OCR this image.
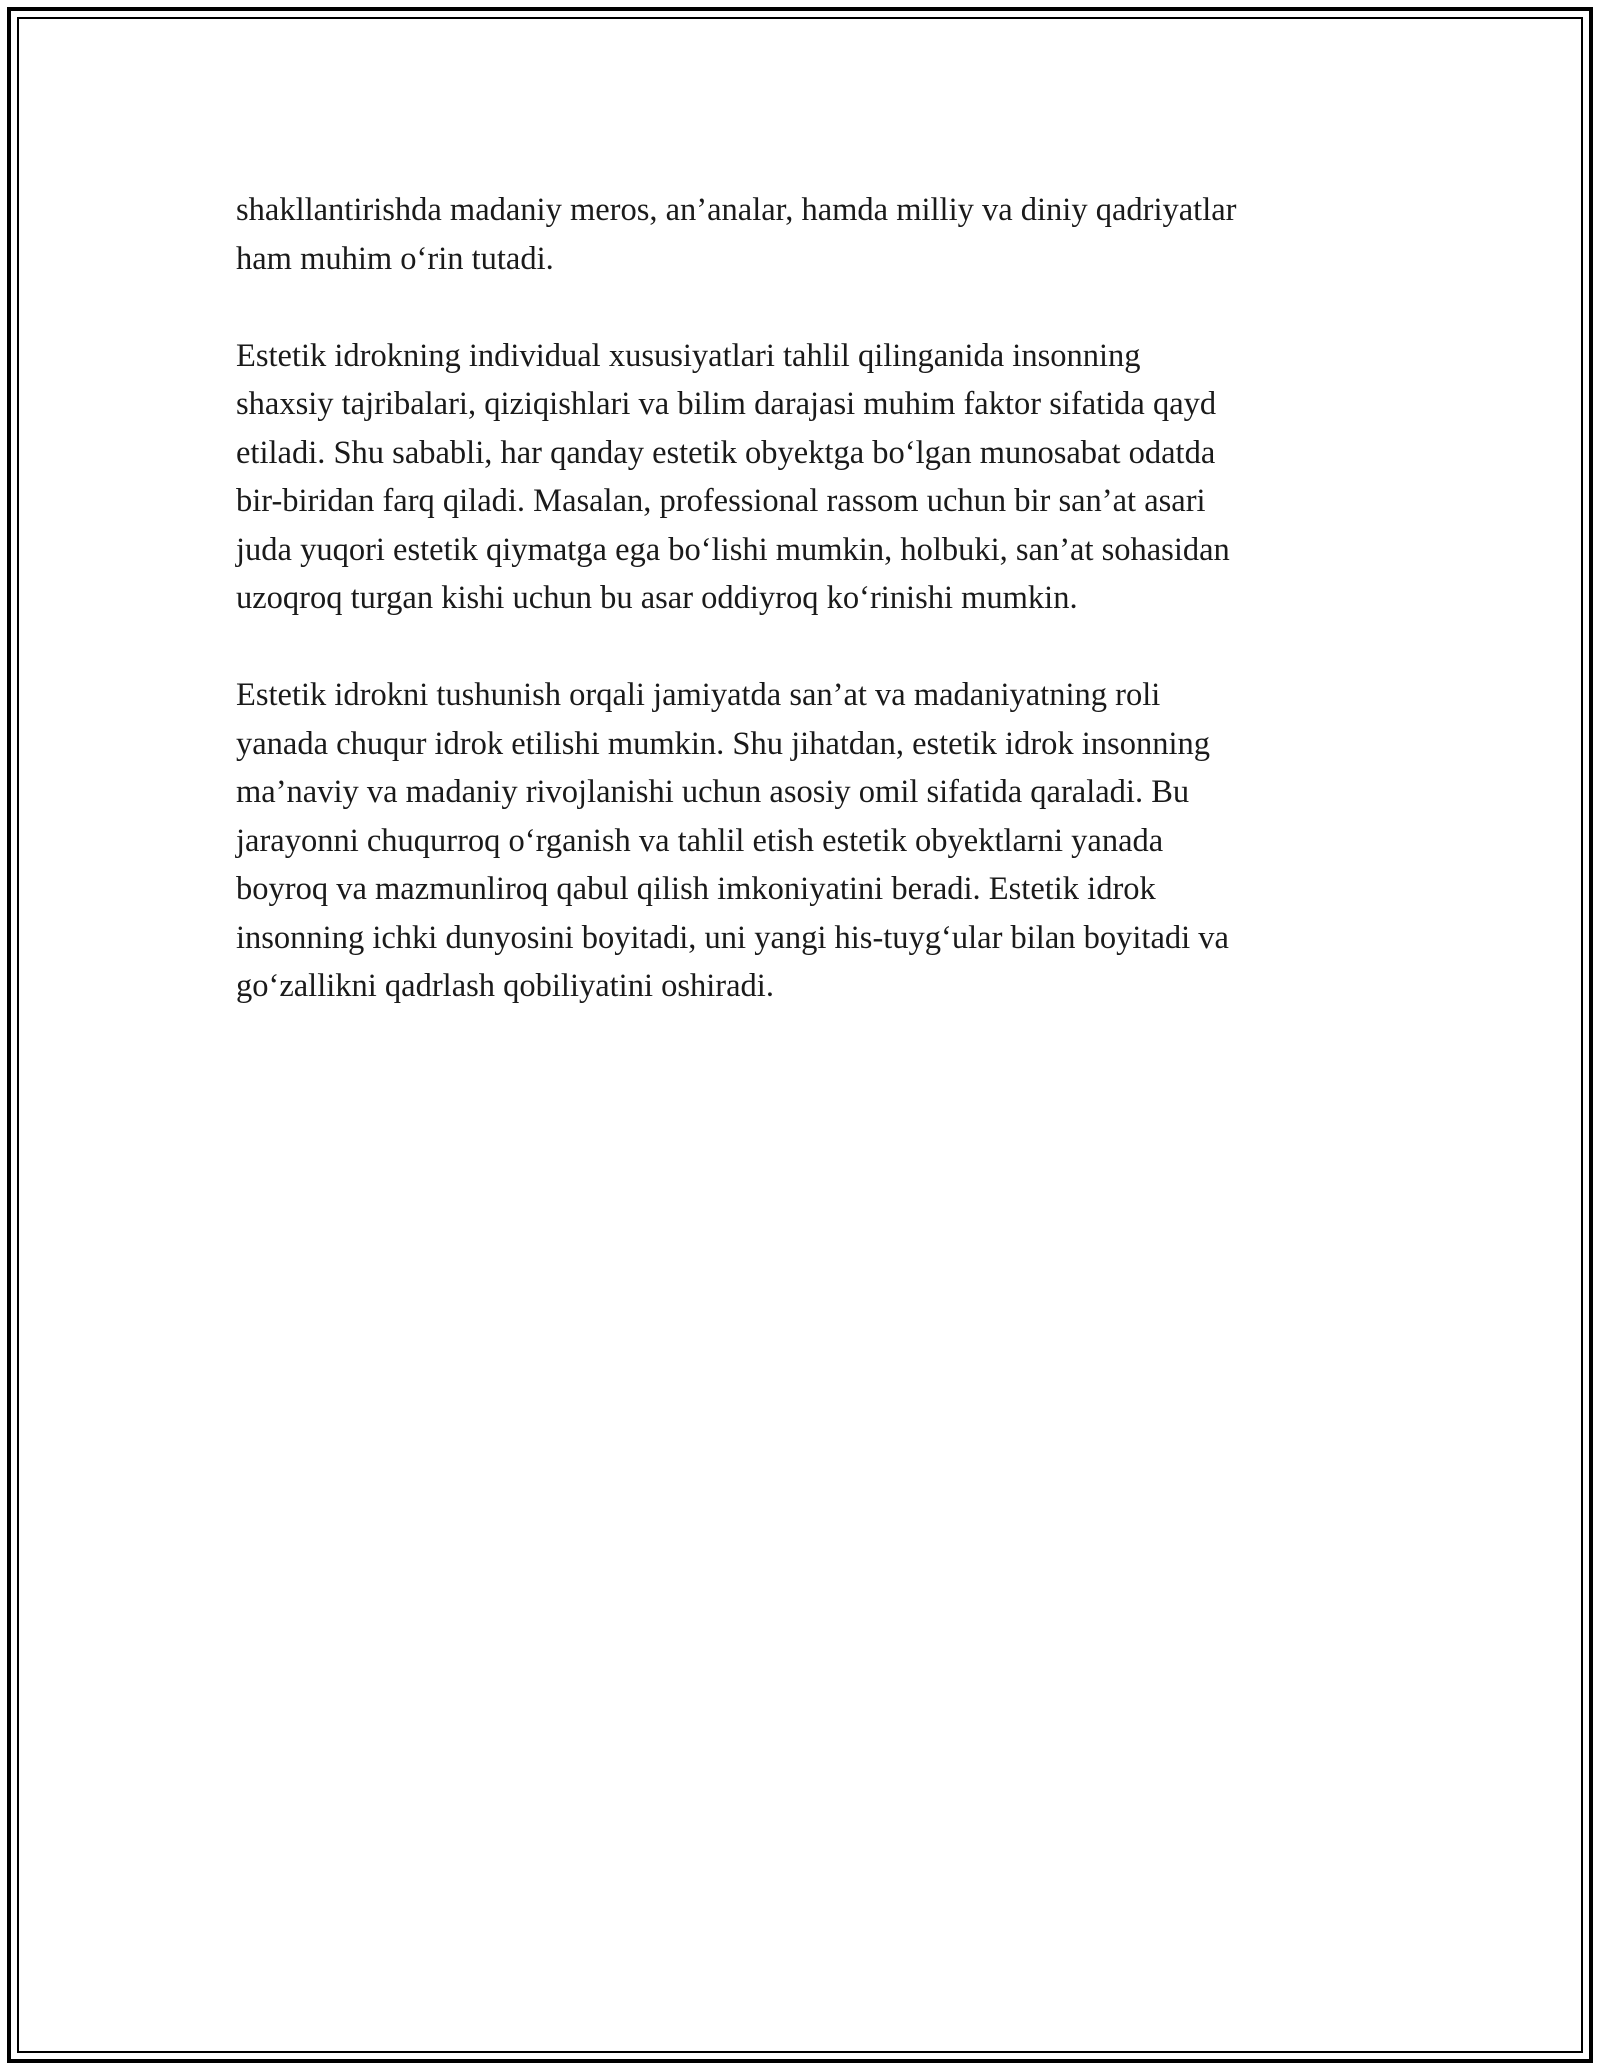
shakllantirishda madaniy meros, an’analar, hamda milliy va diniy qadriyatlar
ham muhim o‘rin tutadi.

Estetik idrokning individual xususiyatlari tahlil qilinganida insonning
shaxsiy tajribalari, qiziqishlari va bilim darajasi muhim faktor sifatida qayd
etiladi. Shu sababli, har qanday estetik obyektga bo‘lgan munosabat odatda
bir-biridan farq qiladi. Masalan, professional rassom uchun bir san’at asari
juda yuqori estetik qiymatga ega bo‘lishi mumkin, holbuki, san’at sohasidan
uzoqroq turgan kishi uchun bu asar oddiyroq ko‘rinishi mumkin.

Estetik idrokni tushunish orqali jamiyatda san’at va madaniyatning roli
yanada chuqur idrok etilishi mumkin. Shu jihatdan, estetik idrok insonning
ma’naviy va madaniy rivojlanishi uchun asosiy omil sifatida qaraladi. Bu
jarayonni chuqurroq o‘rganish va tahlil etish estetik obyektlarni yanada
boyroq va mazmunliroq qabul qilish imkoniyatini beradi. Estetik idrok
insonning ichki dunyosini boyitadi, uni yangi his-tuyg‘ular bilan boyitadi va
go‘zallikni qadrlash qobiliyatini oshiradi.
